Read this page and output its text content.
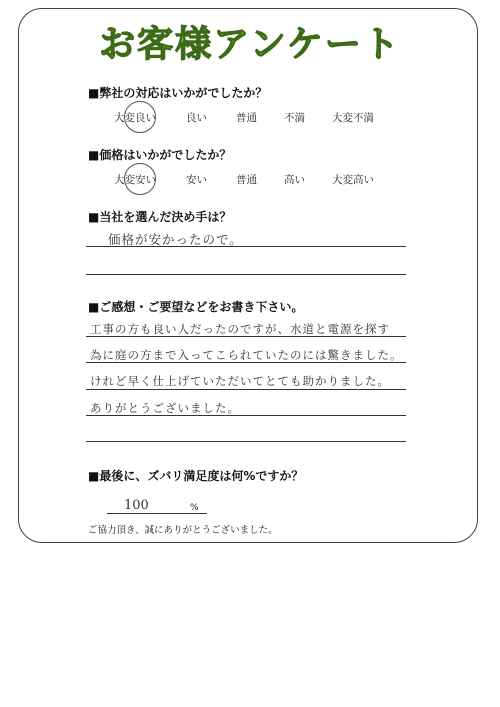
お客様アンケート
■弊社の対応はいかがでしたか？
大変良い	良い	普通	不満	大変不満
■価格はいかがでしたか？
大変安い	安い	普通	高い	大変高い
■当社を選んだ決め手は？
価格が安かったので。
■ご感想・ご要望などをお書き下さい。
工事の方も良い人だったのですが、水道と電源を探す
為に庭の方まで入ってこられていたのには驚きました。
けれど早く仕上げていただいてとても助かりました。
ありがとうございました。
■最後に、ズバリ満足度は何%ですか？
100	%
ご協力頂き、誠にありがとうございました。
